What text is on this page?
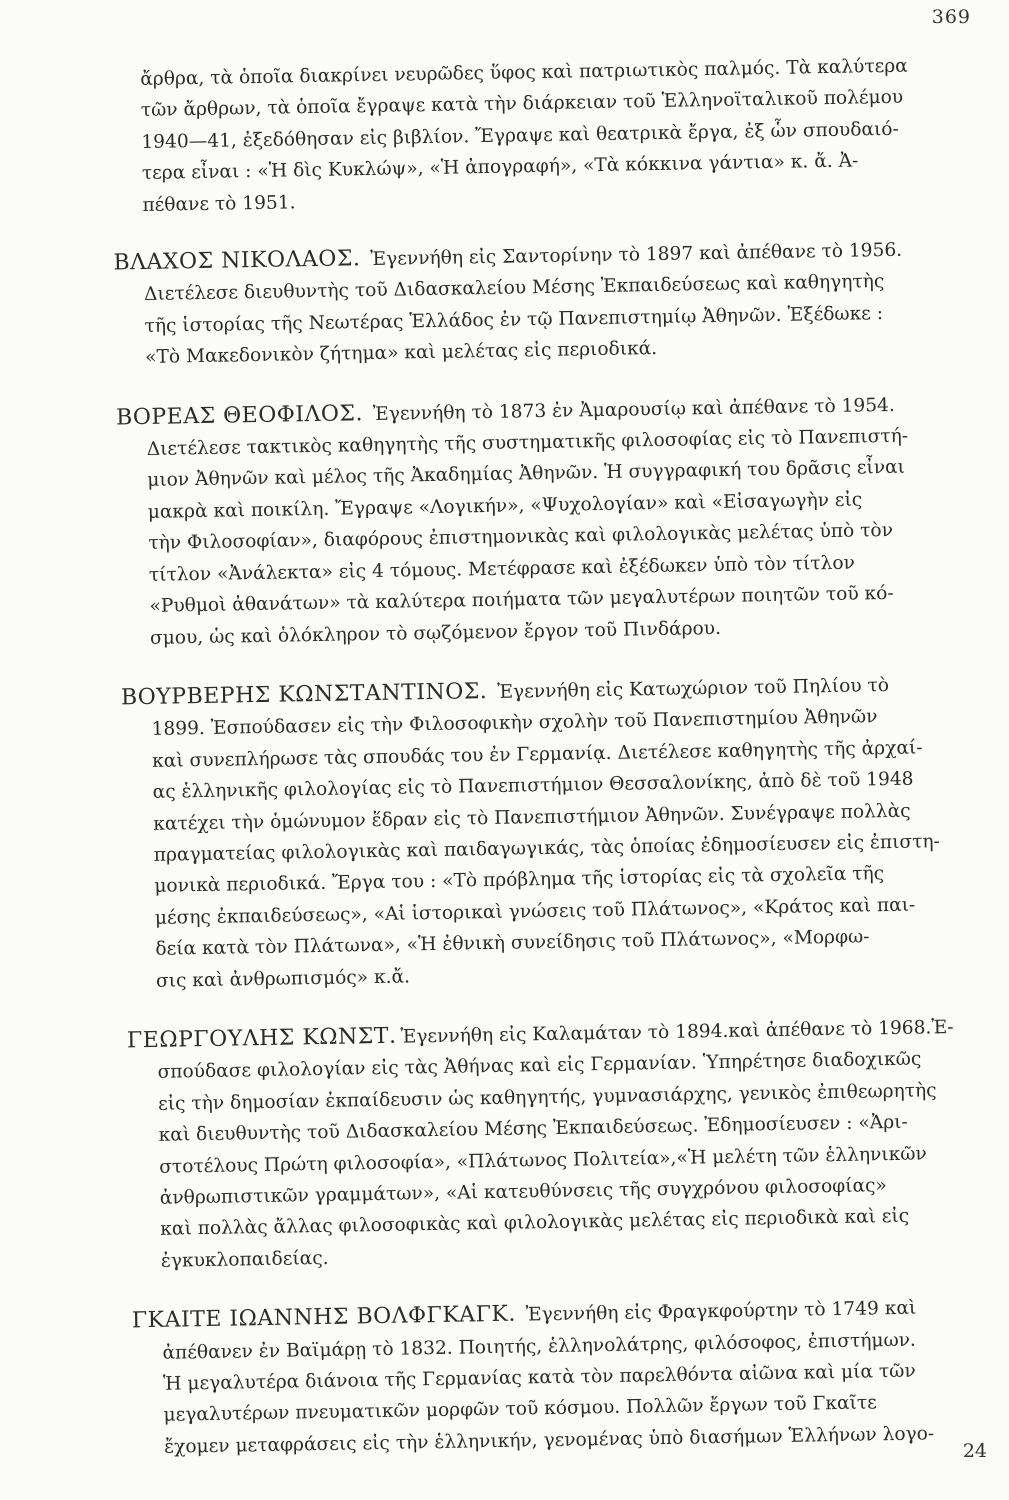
369
ἄρθρα, τὰ ὁποῖα διακρίνει νευρῶδες ὕφος καὶ πατριωτικὸς παλμός. Τὰ καλύτερα
τῶν ἄρθρων, τὰ ὁποῖα ἔγραψε κατὰ τὴν διάρκειαν τοῦ Ἑλληνοϊταλικοῦ πολέμου
1940—41, ἐξεδόθησαν εἰς βιβλίον. Ἔγραψε καὶ θεατρικὰ ἔργα, ἐξ ὧν σπουδαιό-
τερα εἶναι : «Ἡ δὶς Κυκλώψ», «Ἡ ἀπογραφή», «Τὰ κόκκινα γάντια» κ. ἄ. Ἀ-
πέθανε τὸ 1951.
ΒΛΑΧΟΣ ΝΙΚΟΛΑΟΣ. Ἐγεννήθη εἰς Σαντορίνην τὸ 1897 καὶ ἀπέθανε τὸ 1956.
Διετέλεσε διευθυντὴς τοῦ Διδασκαλείου Μέσης Ἐκπαιδεύσεως καὶ καθηγητὴς
τῆς ἱστορίας τῆς Νεωτέρας Ἑλλάδος ἐν τῷ Πανεπιστημίῳ Ἀθηνῶν. Ἐξέδωκε :
«Τὸ Μακεδονικὸν ζήτημα» καὶ μελέτας εἰς περιοδικά.
ΒΟΡΕΑΣ ΘΕΟΦΙΛΟΣ. Ἐγεννήθη τὸ 1873 ἐν Ἀμαρουσίῳ καὶ ἀπέθανε τὸ 1954.
Διετέλεσε τακτικὸς καθηγητὴς τῆς συστηματικῆς φιλοσοφίας εἰς τὸ Πανεπιστή-
μιον Ἀθηνῶν καὶ μέλος τῆς Ἀκαδημίας Ἀθηνῶν. Ἡ συγγραφική του δρᾶσις εἶναι
μακρὰ καὶ ποικίλη. Ἔγραψε «Λογικήν», «Ψυχολογίαν» καὶ «Εἰσαγωγὴν εἰς
τὴν Φιλοσοφίαν», διαφόρους ἐπιστημονικὰς καὶ φιλολογικὰς μελέτας ὑπὸ τὸν
τίτλον «Ἀνάλεκτα» εἰς 4 τόμους. Μετέφρασε καὶ ἐξέδωκεν ὑπὸ τὸν τίτλον
«Ρυθμοὶ ἀθανάτων» τὰ καλύτερα ποιήματα τῶν μεγαλυτέρων ποιητῶν τοῦ κό-
σμου, ὡς καὶ ὁλόκληρον τὸ σῳζόμενον ἔργον τοῦ Πινδάρου.
ΒΟΥΡΒΕΡΗΣ ΚΩΝΣΤΑΝΤΙΝΟΣ. Ἐγεννήθη εἰς Κατωχώριον τοῦ Πηλίου τὸ
1899. Ἐσπούδασεν εἰς τὴν Φιλοσοφικὴν σχολὴν τοῦ Πανεπιστημίου Ἀθηνῶν
καὶ συνεπλήρωσε τὰς σπουδάς του ἐν Γερμανίᾳ. Διετέλεσε καθηγητὴς τῆς ἀρχαί-
ας ἑλληνικῆς φιλολογίας εἰς τὸ Πανεπιστήμιον Θεσσαλονίκης, ἀπὸ δὲ τοῦ 1948
κατέχει τὴν ὁμώνυμον ἕδραν εἰς τὸ Πανεπιστήμιον Ἀθηνῶν. Συνέγραψε πολλὰς
πραγματείας φιλολογικὰς καὶ παιδαγωγικάς, τὰς ὁποίας ἐδημοσίευσεν εἰς ἐπιστη-
μονικὰ περιοδικά. Ἔργα του : «Τὸ πρόβλημα τῆς ἱστορίας εἰς τὰ σχολεῖα τῆς
μέσης ἐκπαιδεύσεως», «Αἱ ἱστορικαὶ γνώσεις τοῦ Πλάτωνος», «Κράτος καὶ παι-
δεία κατὰ τὸν Πλάτωνα», «Ἡ ἐθνικὴ συνείδησις τοῦ Πλάτωνος», «Μορφω-
σις καὶ ἀνθρωπισμός» κ.ἄ.
ΓΕΩΡΓΟΥΛΗΣ ΚΩΝΣΤ. Ἐγεννήθη εἰς Καλαμάταν τὸ 1894.καὶ ἀπέθανε τὸ 1968.Ἐ-
σπούδασε φιλολογίαν εἰς τὰς Ἀθήνας καὶ εἰς Γερμανίαν. Ὑπηρέτησε διαδοχικῶς
εἰς τὴν δημοσίαν ἐκπαίδευσιν ὡς καθηγητής, γυμνασιάρχης, γενικὸς ἐπιθεωρητὴς
καὶ διευθυντὴς τοῦ Διδασκαλείου Μέσης Ἐκπαιδεύσεως. Ἐδημοσίευσεν : «Ἀρι-
στοτέλους Πρώτη φιλοσοφία», «Πλάτωνος Πολιτεία»,«Ἡ μελέτη τῶν ἑλληνικῶν
ἀνθρωπιστικῶν γραμμάτων», «Αἱ κατευθύνσεις τῆς συγχρόνου φιλοσοφίας»
καὶ πολλὰς ἄλλας φιλοσοφικὰς καὶ φιλολογικὰς μελέτας εἰς περιοδικὰ καὶ εἰς
ἐγκυκλοπαιδείας.
ΓΚΑΙΤΕ ΙΩΑΝΝΗΣ ΒΟΛΦΓΚΑΓΚ. Ἐγεννήθη εἰς Φραγκφούρτην τὸ 1749 καὶ
ἀπέθανεν ἐν Βαϊμάρῃ τὸ 1832. Ποιητής, ἑλληνολάτρης, φιλόσοφος, ἐπιστήμων.
Ἡ μεγαλυτέρα διάνοια τῆς Γερμανίας κατὰ τὸν παρελθόντα αἰῶνα καὶ μία τῶν
μεγαλυτέρων πνευματικῶν μορφῶν τοῦ κόσμου. Πολλῶν ἔργων τοῦ Γκαῖτε
ἔχομεν μεταφράσεις εἰς τὴν ἑλληνικήν, γενομένας ὑπὸ διασήμων Ἑλλήνων λογο-	24
